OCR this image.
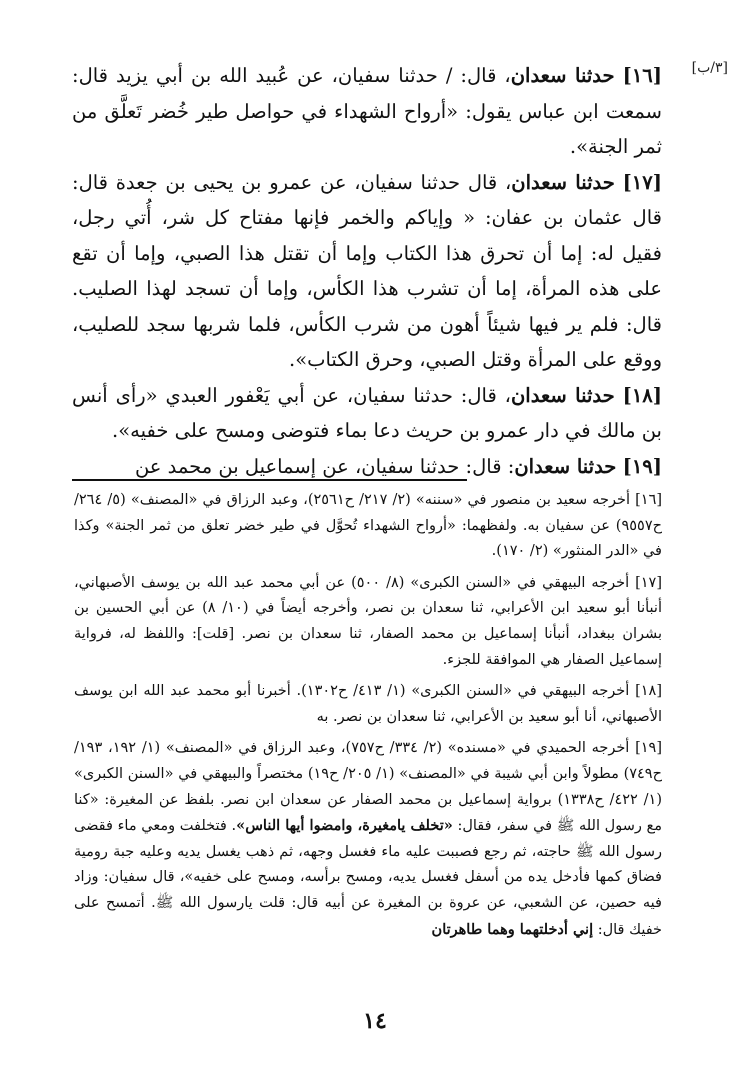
[٣/ب]

[١٦] حدثنا سعدان، قال: / حدثنا سفيان، عن عُبيد الله بن أبي يزيد قال: سمعت ابن عباس يقول: «أرواح الشهداء في حواصل طير خُضر تَعلَّق من ثمر الجنة».

[١٧] حدثنا سعدان، قال حدثنا سفيان، عن عمرو بن يحيى بن جعدة قال: قال عثمان بن عفان: « وإياكم والخمر فإنها مفتاح كل شر، أُتي رجل، فقيل له: إما أن تحرق هذا الكتاب وإما أن تقتل هذا الصبي، وإما أن تقع على هذه المرأة، إما أن تشرب هذا الكأس، وإما أن تسجد لهذا الصليب. قال: فلم ير فيها شيئاً أهون من شرب الكأس، فلما شربها سجد للصليب، ووقع على المرأة وقتل الصبي، وحرق الكتاب».

[١٨] حدثنا سعدان، قال: حدثنا سفيان، عن أبي يَعْفور العبدي «رأى أنس بن مالك في دار عمرو بن حريث دعا بماء فتوضى ومسح على خفيه».

[١٩] حدثنا سعدان: قال: حدثنا سفيان، عن إسماعيل بن محمد عن

[١٦] أخرجه سعيد بن منصور في «سننه» (٢/ ٢١٧/ ح٢٥٦١)، وعبد الرزاق في «المصنف» (٥/ ٢٦٤/ ح٩٥٥٧) عن سفيان به. ولفظهما: «أرواح الشهداء تُحوَّل في طير خضر تعلق من ثمر الجنة» وكذا في «الدر المنثور» (٢/ ١٧٠).

[١٧] أخرجه البيهقي في «السنن الكبرى» (٨/ ٥٠٠) عن أبي محمد عبد الله بن يوسف الأصبهاني، أنبأنا أبو سعيد ابن الأعرابي، ثنا سعدان بن نصر، وأخرجه أيضاً في (١٠/ ٨) عن أبي الحسين بن بشران ببغداد، أنبأنا إسماعيل بن محمد الصفار، ثنا سعدان بن نصر. [قلت]: واللفظ له، فرواية إسماعيل الصفار هي الموافقة للجزء.

[١٨] أخرجه البيهقي في «السنن الكبرى» (١/ ٤١٣/ ح١٣٠٢). أخبرنا أبو محمد عبد الله ابن يوسف الأصبهاني، أنا أبو سعيد بن الأعرابي، ثنا سعدان بن نصر. به

[١٩] أخرجه الحميدي في «مسنده» (٢/ ٣٣٤/ ح٧٥٧)، وعبد الرزاق في «المصنف» (١/ ١٩٢، ١٩٣/ ح٧٤٩) مطولاً وابن أبي شيبة في «المصنف» (١/ ٢٠٥/ ح١٩) مختصراً والبيهقي في «السنن الكبرى» (١/ ٤٢٢/ ح١٣٣٨) برواية إسماعيل بن محمد الصفار عن سعدان ابن نصر. بلفظ عن المغيرة: «كنا مع رسول الله ﷺ في سفر، فقال: «تخلف يامغيرة، وامضوا أيها الناس». فتخلفت ومعي ماء فقضى رسول الله ﷺ حاجته، ثم رجع فصببت عليه ماء فغسل وجهه، ثم ذهب يغسل يديه وعليه جبة رومية فضاق كمها فأدخل يده من أسفل فغسل يديه، ومسح برأسه، ومسح على خفيه»، قال سفيان: وزاد فيه حصين، عن الشعبي، عن عروة بن المغيرة عن أبيه قال: قلت يارسول الله ﷺ. أتمسح على خفيك قال: إني أدخلتهما وهما طاهرتان

١٤
